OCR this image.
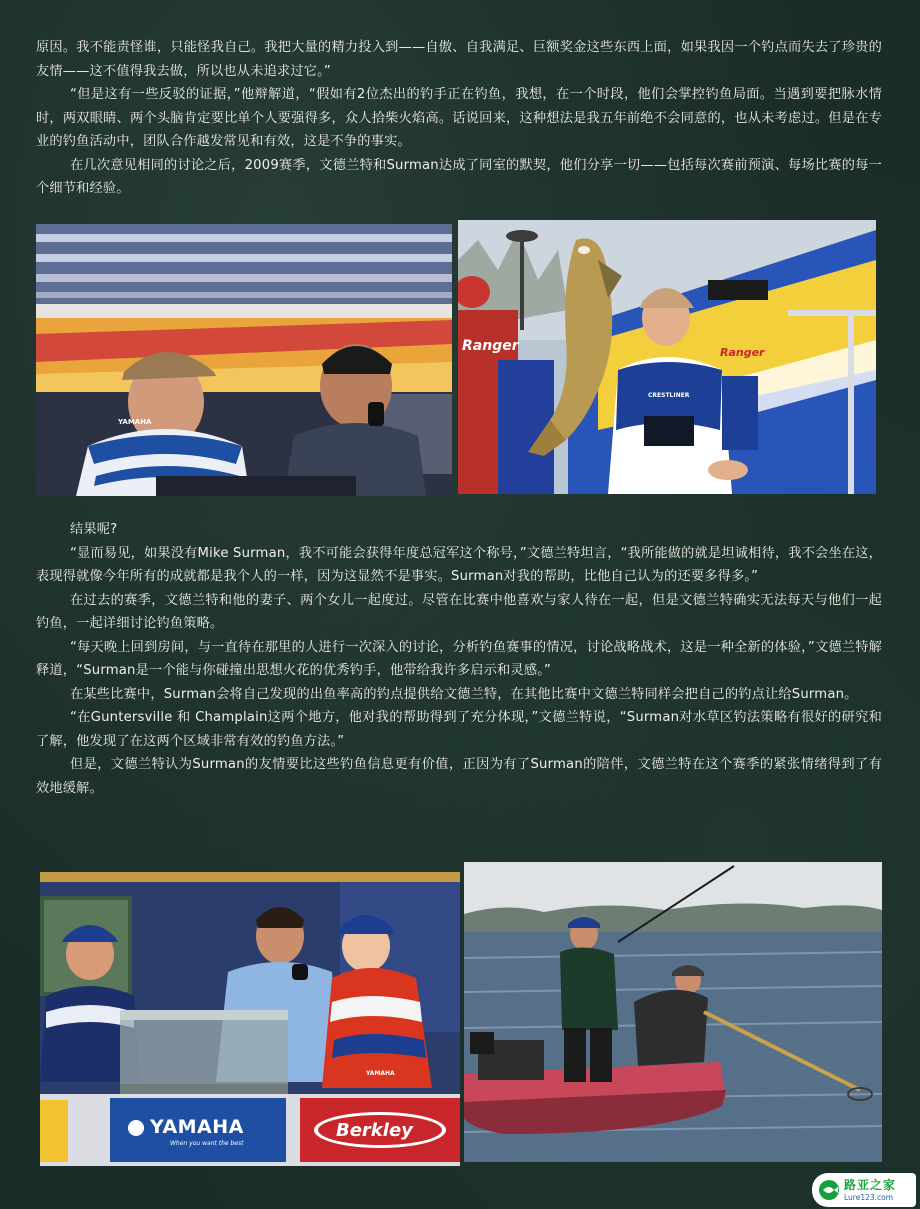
原因。我不能责怪谁，只能怪我自己。我把大量的精力投入到——自傲、自我满足、巨额奖金这些东西上面，如果我因一个钓点而失去了珍贵的友情——这不值得我去做，所以也从未追求过它。”

“但是这有一些反驳的证据，”他辩解道，“假如有2位杰出的钓手正在钓鱼，我想，在一个时段，他们会掌控钓鱼局面。当遇到要把脉水情时，两双眼睛、两个头脑肯定要比单个人要强得多，众人拾柴火焰高。话说回来，这种想法是我五年前绝不会同意的，也从未考虑过。但是在专业的钓鱼活动中，团队合作越发常见和有效，这是不争的事实。

在几次意见相同的讨论之后，2009赛季，文德兰特和Surman达成了同室的默契，他们分享一切——包括每次赛前预演、每场比赛的每一个细节和经验。

YAMAHA
Ranger	Ranger
CRESTLINER

结果呢?

“显而易见，如果没有Mike Surman，我不可能会获得年度总冠军这个称号，”文德兰特坦言，“我所能做的就是坦诚相待，我不会坐在这，表现得就像今年所有的成就都是我个人的一样，因为这显然不是事实。Surman对我的帮助，比他自己认为的还要多得多。”

在过去的赛季，文德兰特和他的妻子、两个女儿一起度过。尽管在比赛中他喜欢与家人待在一起，但是文德兰特确实无法每天与他们一起钓鱼，一起详细讨论钓鱼策略。

“每天晚上回到房间，与一直待在那里的人进行一次深入的讨论，分析钓鱼赛事的情况，讨论战略战术，这是一种全新的体验，”文德兰特解释道，“Surman是一个能与你碰撞出思想火花的优秀钓手，他带给我许多启示和灵感。”

在某些比赛中，Surman会将自己发现的出鱼率高的钓点提供给文德兰特，在其他比赛中文德兰特同样会把自己的钓点让给Surman。

“在Guntersville 和 Champlain这两个地方，他对我的帮助得到了充分体现，”文德兰特说，“Surman对水草区钓法策略有很好的研究和了解，他发现了在这两个区域非常有效的钓鱼方法。”

但是，文德兰特认为Surman的友情要比这些钓鱼信息更有价值，正因为有了Surman的陪伴，文德兰特在这个赛季的紧张情绪得到了有效地缓解。

YAMAHA
When you want the best
Berkley
YAMAHA
路亚之家
Lure123.com
